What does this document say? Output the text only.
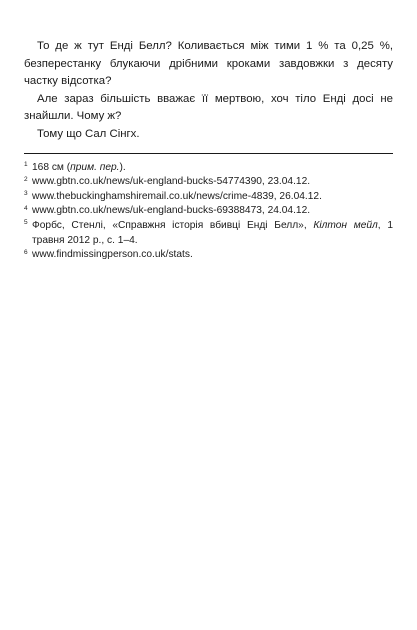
То де ж тут Енді Белл? Коливається між тими 1 % та 0,25 %, безперестанку блукаючи дрібними кроками завдовжки з десяту частку відсотка?

Але зараз більшість вважає її мертвою, хоч тіло Енді досі не знайшли. Чому ж?

Тому що Сал Сінгх.

$^1$ 168 см (прим. пер.).

$^2$ www.gbtn.co.uk/news/uk-england-bucks-54774390, 23.04.12.

$^3$ www.thebuckinghamshiremail.co.uk/news/crime-4839, 26.04.12.

$^4$ www.gbtn.co.uk/news/uk-england-bucks-69388473, 24.04.12.

$^5$ Форбс, Стенлі, «Справжня історія вбивці Енді Белл», Кілтон мейл, 1 травня 2012 р., с. 1–4.

$^6$ www.findmissingperson.co.uk/stats.
